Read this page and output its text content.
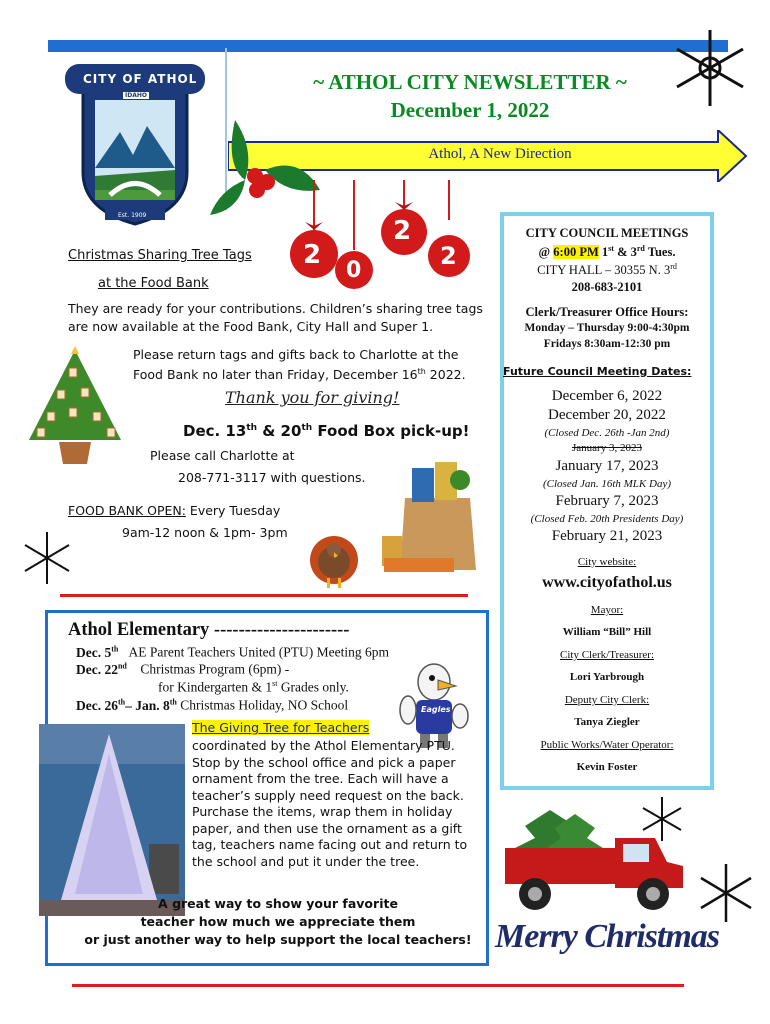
CITY OF ATHOL
IDAHO
Est. 1909
~ ATHOL CITY NEWSLETTER ~
December 1, 2022
Athol, A New Direction
2
0
2
2
Christmas Sharing Tree Tags
at the Food Bank
They are ready for your contributions. Children’s sharing tree tags are now available at the Food Bank, City Hall and Super 1.
Please return tags and gifts back to Charlotte at the Food Bank no later than Friday, December 16th 2022.
Thank you for giving!
Dec. 13th & 20th Food Box pick-up!
Please call Charlotte at
208-771-3117 with questions.
FOOD BANK OPEN: Every Tuesday
9am-12 noon & 1pm- 3pm
CITY COUNCIL MEETINGS
@ 6:00 PM 1st & 3rd Tues.
CITY HALL – 30355 N. 3rd
208-683-2101
Clerk/Treasurer Office Hours:
Monday – Thursday 9:00-4:30pm
Fridays 8:30am-12:30 pm
Future Council Meeting Dates:
December 6, 2022
December 20, 2022
(Closed Dec. 26th -Jan 2nd)
January 3, 2023
January 17, 2023
(Closed Jan. 16th MLK Day)
February 7, 2023
(Closed Feb. 20th Presidents Day)
February 21, 2023
City website:
www.cityofathol.us
Mayor:
William “Bill” Hill
City Clerk/Treasurer:
Lori Yarbrough
Deputy City Clerk:
Tanya Ziegler
Public Works/Water Operator:
Kevin Foster
Athol Elementary ----------------------
Dec. 5th AE Parent Teachers United (PTU) Meeting 6pm
Dec. 22nd Christmas Program (6pm) -
for Kindergarten & 1st Grades only.
Dec. 26th– Jan. 8th Christmas Holiday, NO School	Eagles
The Giving Tree for Teachers
coordinated by the Athol Elementary PTU. Stop by the school office and pick a paper ornament from the tree. Each will have a teacher’s supply need request on the back. Purchase the items, wrap them in holiday paper, and then use the ornament as a gift tag, teachers name facing out and return to the school and put it under the tree.
A great way to show your favorite
teacher how much we appreciate them
or just another way to help support the local teachers! Merry Christmas
